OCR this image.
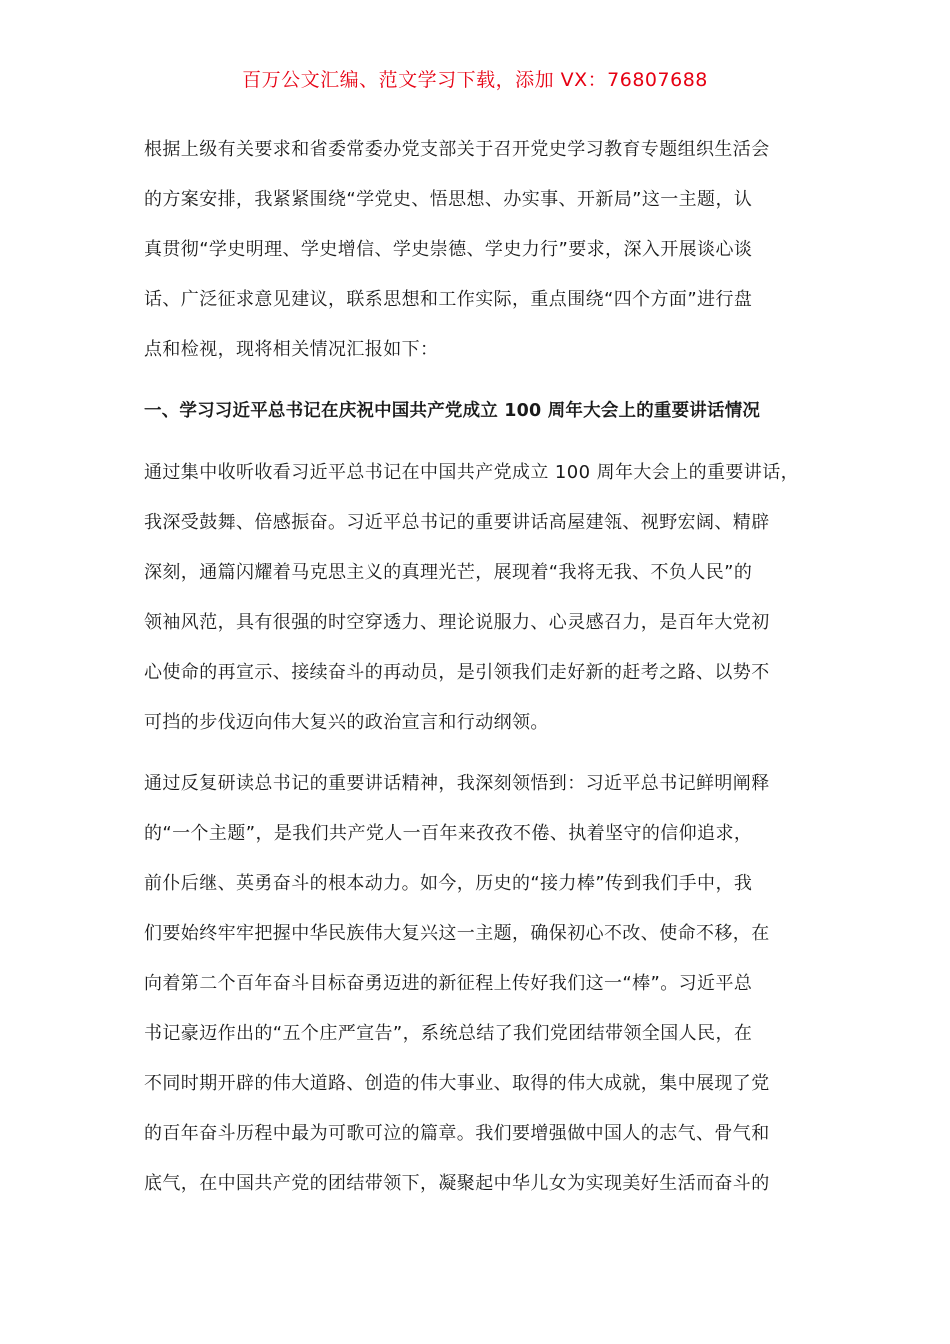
百万公文汇编、范文学习下载，添加 VX：76807688
根据上级有关要求和省委常委办党支部关于召开党史学习教育专题组织生活会
的方案安排，我紧紧围绕“学党史、悟思想、办实事、开新局”这一主题，认
真贯彻“学史明理、学史增信、学史崇德、学史力行”要求，深入开展谈心谈
话、广泛征求意见建议，联系思想和工作实际，重点围绕“四个方面”进行盘
点和检视，现将相关情况汇报如下：
一、学习习近平总书记在庆祝中国共产党成立 100 周年大会上的重要讲话情况
通过集中收听收看习近平总书记在中国共产党成立 100 周年大会上的重要讲话，
我深受鼓舞、倍感振奋。习近平总书记的重要讲话高屋建瓴、视野宏阔、精辟
深刻，通篇闪耀着马克思主义的真理光芒，展现着“我将无我、不负人民”的
领袖风范，具有很强的时空穿透力、理论说服力、心灵感召力，是百年大党初
心使命的再宣示、接续奋斗的再动员，是引领我们走好新的赶考之路、以势不
可挡的步伐迈向伟大复兴的政治宣言和行动纲领。
通过反复研读总书记的重要讲话精神，我深刻领悟到：习近平总书记鲜明阐释
的“一个主题”，是我们共产党人一百年来孜孜不倦、执着坚守的信仰追求，
前仆后继、英勇奋斗的根本动力。如今，历史的“接力棒”传到我们手中，我
们要始终牢牢把握中华民族伟大复兴这一主题，确保初心不改、使命不移，在
向着第二个百年奋斗目标奋勇迈进的新征程上传好我们这一“棒”。习近平总
书记豪迈作出的“五个庄严宣告”，系统总结了我们党团结带领全国人民，在
不同时期开辟的伟大道路、创造的伟大事业、取得的伟大成就，集中展现了党
的百年奋斗历程中最为可歌可泣的篇章。我们要增强做中国人的志气、骨气和
底气，在中国共产党的团结带领下，凝聚起中华儿女为实现美好生活而奋斗的
